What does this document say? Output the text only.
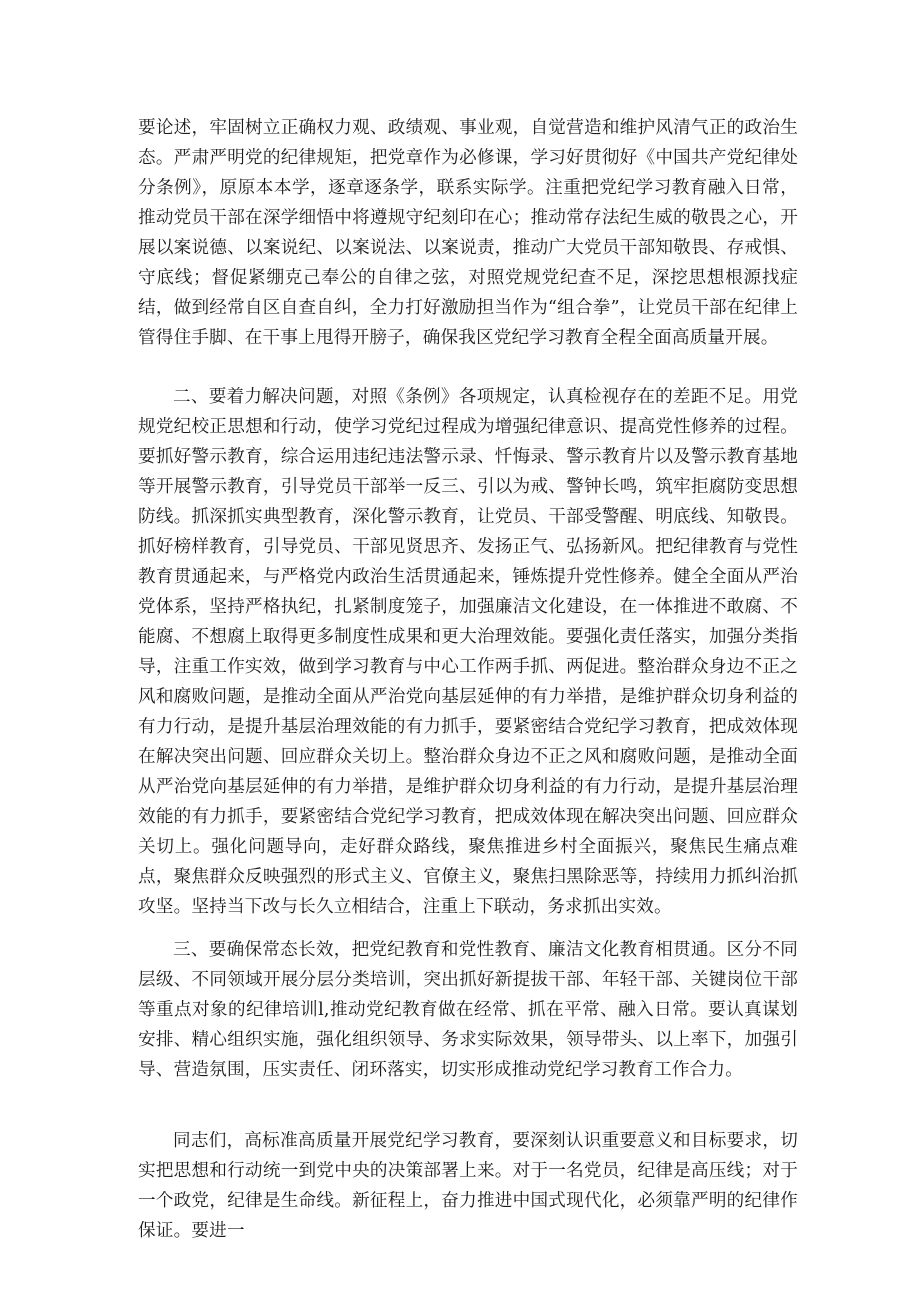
要论述，牢固树立正确权力观、政绩观、事业观，自觉营造和维护风清气正的政治生态。严肃严明党的纪律规矩，把党章作为必修课，学习好贯彻好《中国共产党纪律处分条例》，原原本本学，逐章逐条学，联系实际学。注重把党纪学习教育融入日常，推动党员干部在深学细悟中将遵规守纪刻印在心；推动常存法纪生威的敬畏之心，开展以案说德、以案说纪、以案说法、以案说责，推动广大党员干部知敬畏、存戒惧、守底线；督促紧绷克己奉公的自律之弦，对照党规党纪查不足，深挖思想根源找症结，做到经常自区自查自纠，全力打好激励担当作为“组合拳”，让党员干部在纪律上管得住手脚、在干事上甩得开膀子，确保我区党纪学习教育全程全面高质量开展。

二、要着力解决问题，对照《条例》各项规定，认真检视存在的差距不足。用党规党纪校正思想和行动，使学习党纪过程成为增强纪律意识、提高党性修养的过程。要抓好警示教育，综合运用违纪违法警示录、忏悔录、警示教育片以及警示教育基地等开展警示教育，引导党员干部举一反三、引以为戒、警钟长鸣，筑牢拒腐防变思想防线。抓深抓实典型教育，深化警示教育，让党员、干部受警醒、明底线、知敬畏。抓好榜样教育，引导党员、干部见贤思齐、发扬正气、弘扬新风。把纪律教育与党性教育贯通起来，与严格党内政治生活贯通起来，锤炼提升党性修养。健全全面从严治党体系，坚持严格执纪，扎紧制度笼子，加强廉洁文化建设，在一体推进不敢腐、不能腐、不想腐上取得更多制度性成果和更大治理效能。要强化责任落实，加强分类指导，注重工作实效，做到学习教育与中心工作两手抓、两促进。整治群众身边不正之风和腐败问题，是推动全面从严治党向基层延伸的有力举措，是维护群众切身利益的有力行动，是提升基层治理效能的有力抓手，要紧密结合党纪学习教育，把成效体现在解决突出问题、回应群众关切上。整治群众身边不正之风和腐败问题，是推动全面从严治党向基层延伸的有力举措，是维护群众切身利益的有力行动，是提升基层治理效能的有力抓手，要紧密结合党纪学习教育，把成效体现在解决突出问题、回应群众关切上。强化问题导向，走好群众路线，聚焦推进乡村全面振兴，聚焦民生痛点难点，聚焦群众反映强烈的形式主义、官僚主义，聚焦扫黑除恶等，持续用力抓纠治抓攻坚。坚持当下改与长久立相结合，注重上下联动，务求抓出实效。

三、要确保常态长效，把党纪教育和党性教育、廉洁文化教育相贯通。区分不同层级、不同领域开展分层分类培训，突出抓好新提拔干部、年轻干部、关键岗位干部等重点对象的纪律培训l,推动党纪教育做在经常、抓在平常、融入日常。要认真谋划安排、精心组织实施，强化组织领导、务求实际效果，领导带头、以上率下，加强引导、营造氛围，压实责任、闭环落实，切实形成推动党纪学习教育工作合力。

同志们，高标准高质量开展党纪学习教育，要深刻认识重要意义和目标要求，切实把思想和行动统一到党中央的决策部署上来。对于一名党员，纪律是高压线；对于一个政党，纪律是生命线。新征程上，奋力推进中国式现代化，必须靠严明的纪律作保证。要进一
